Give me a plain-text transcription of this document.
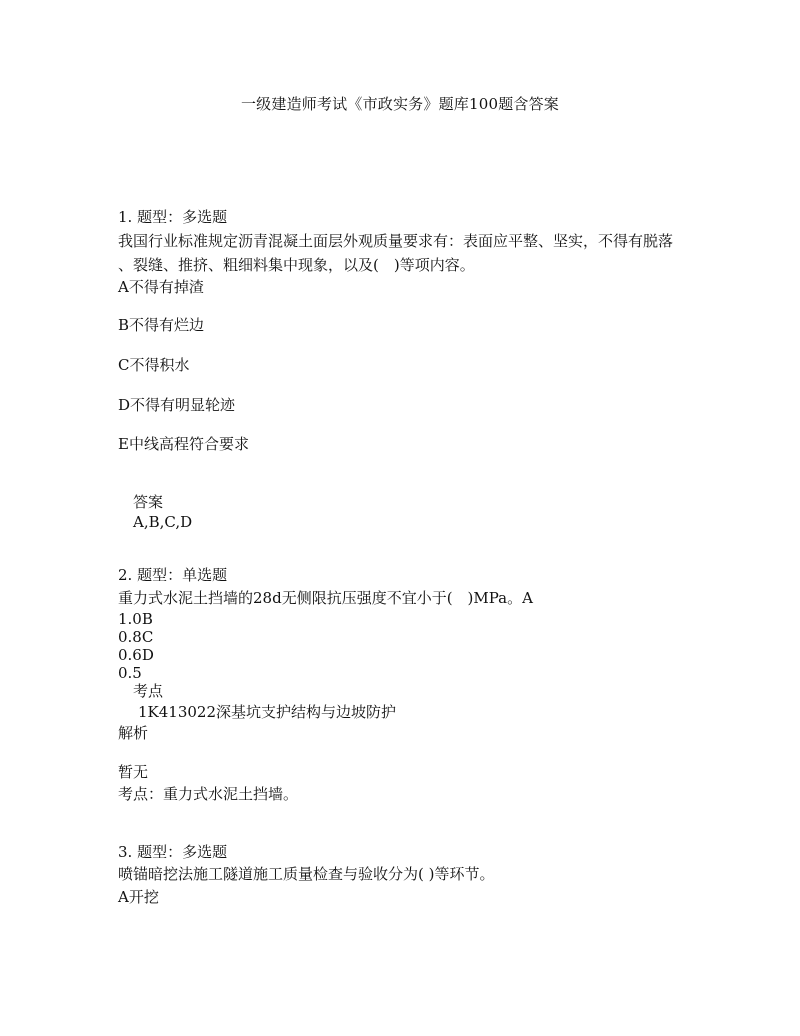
一级建造师考试《市政实务》题库100题含答案
1. 题型：多选题
我国行业标准规定沥青混凝土面层外观质量要求有：表面应平整、坚实，不得有脱落
、裂缝、推挤、粗细料集中现象，以及(　)等项内容。
A不得有掉渣
B不得有烂边
C不得积水
D不得有明显轮迹
E中线高程符合要求
答案
A,B,C,D
2. 题型：单选题
重力式水泥土挡墙的28d无侧限抗压强度不宜小于(　)MPa。A
1.0B
0.8C
0.6D
0.5
考点
1K413022深基坑支护结构与边坡防护
解析
暂无
考点：重力式水泥土挡墙。
3. 题型：多选题
喷锚暗挖法施工隧道施工质量检查与验收分为( )等环节。
A开挖
